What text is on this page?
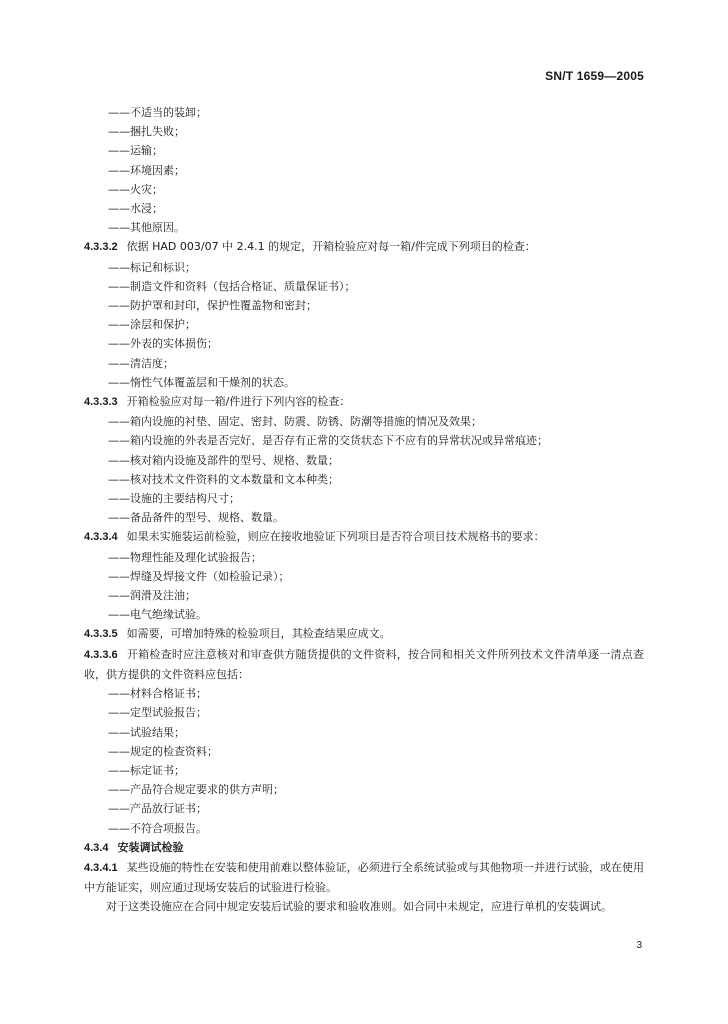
SN/T 1659—2005
——不适当的装卸；
——捆扎失败；
——运输；
——环境因素；
——火灾；
——水浸；
——其他原因。
4.3.3.2 依据 HAD 003/07 中 2.4.1 的规定，开箱检验应对每一箱/件完成下列项目的检查：
——标记和标识；
——制造文件和资料（包括合格证、质量保证书）；
——防护罩和封印，保护性覆盖物和密封；
——涂层和保护；
——外表的实体损伤；
——清洁度；
——惰性气体覆盖层和干燥剂的状态。
4.3.3.3 开箱检验应对每一箱/件进行下列内容的检查：
——箱内设施的衬垫、固定、密封、防震、防锈、防潮等措施的情况及效果；
——箱内设施的外表是否完好、是否存有正常的交货状态下不应有的异常状况或异常痕迹；
——核对箱内设施及部件的型号、规格、数量；
——核对技术文件资料的文本数量和文本种类；
——设施的主要结构尺寸；
——备品备件的型号、规格、数量。
4.3.3.4 如果未实施装运前检验，则应在接收地验证下列项目是否符合项目技术规格书的要求：
——物理性能及理化试验报告；
——焊缝及焊接文件（如检验记录）；
——润滑及注油；
——电气绝缘试验。
4.3.3.5 如需要，可增加特殊的检验项目，其检查结果应成文。
4.3.3.6 开箱检查时应注意核对和审查供方随货提供的文件资料，按合同和相关文件所列技术文件清单逐一清点查收，供方提供的文件资料应包括：
——材料合格证书；
——定型试验报告；
——试验结果；
——规定的检查资料；
——标定证书；
——产品符合规定要求的供方声明；
——产品放行证书；
——不符合项报告。
4.3.4 安装调试检验
4.3.4.1 某些设施的特性在安装和使用前难以整体验证，必须进行全系统试验或与其他物项一并进行试验，或在使用中方能证实，则应通过现场安装后的试验进行检验。
对于这类设施应在合同中规定安装后试验的要求和验收准则。如合同中未规定，应进行单机的安装调试。
3
